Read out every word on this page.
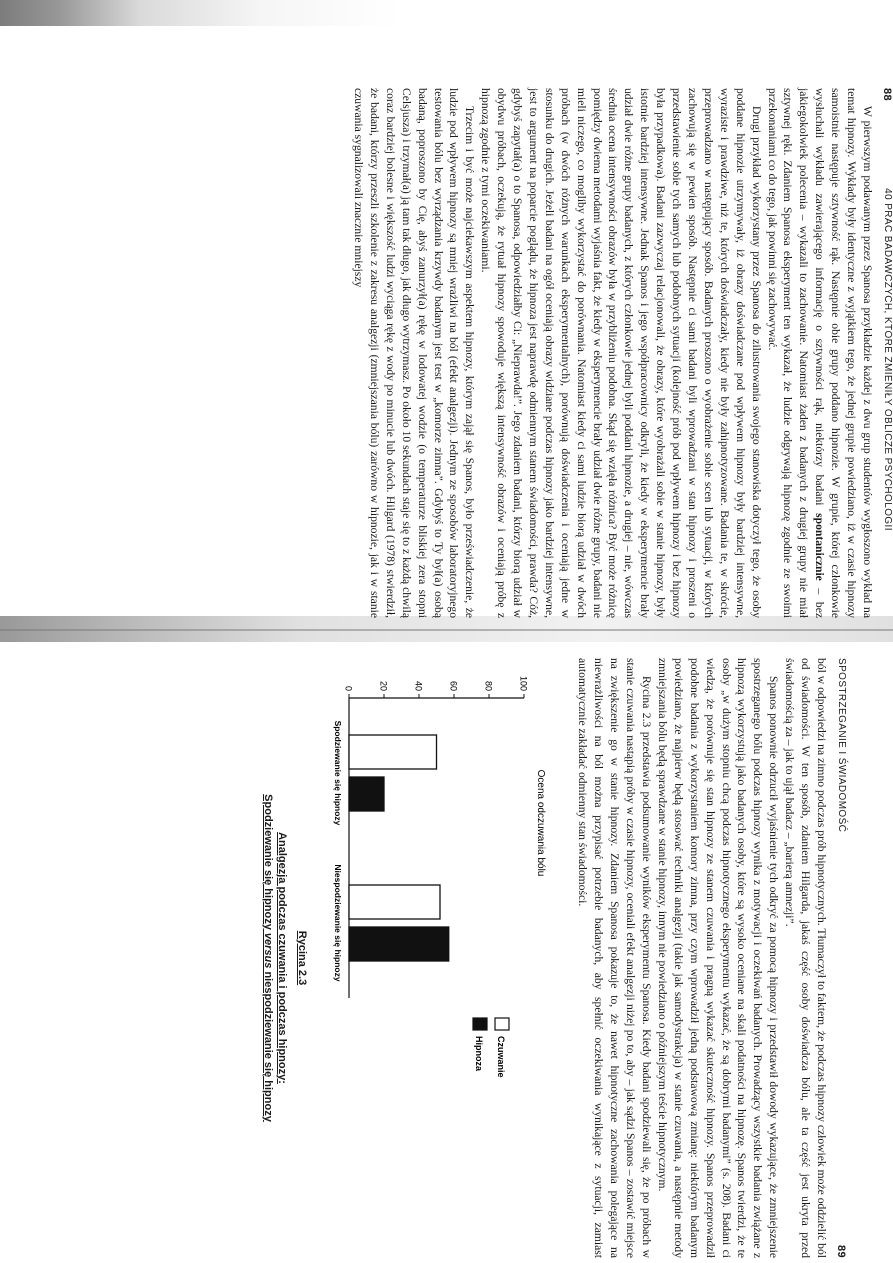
88
40 PRAC BADAWCZYCH, KTÓRE ZMIENIŁY OBLICZE PSYCHOLOGII

W pierwszym podawanym przez Spanosa przykładzie każdej z dwu grup studentów wygłoszono wykład na temat hipnozy. Wykłady były identyczne z wyjątkiem tego, że jednej grupie powiedziano, iż w czasie hipnozy samoistnie następuje sztywność rąk. Następnie obie grupy poddano hipnozie. W grupie, której członkowie wysłuchali wykładu zawierającego informację o sztywności rąk, niektórzy badani spontanicznie – bez jakiegokolwiek polecenia – wykazali to zachowanie. Natomiast żaden z badanych z drugiej grupy nie miał sztywnej ręki. Zdaniem Spanosa eksperyment ten wykazał, że ludzie odgrywają hipnozę zgodnie ze swoimi przekonaniami co do tego, jak powinni się zachowywać.

Drugi przykład wykorzystany przez Spanosa do zilustrowania swojego stanowiska dotyczył tego, że osoby poddane hipnozie utrzymywały, iż obrazy doświadczane pod wpływem hipnozy były bardziej intensywne, wyraziste i prawdziwe, niż te, których doświadczały, kiedy nie były zahipnotyzowane. Badania te, w skrócie, przeprowadzano w następujący sposób. Badanych proszono o wyobrażenie sobie scen lub sytuacji, w których zachowują się w pewien sposób. Następnie ci sami badani byli wprowadzani w stan hipnozy i proszeni o przedstawienie sobie tych samych lub podobnych sytuacji (kolejność prób pod wpływem hipnozy i bez hipnozy była przypadkowa). Badani zazwyczaj relacjonowali, że obrazy, które wyobrażali sobie w stanie hipnozy, były istotnie bardziej intensywne. Jednak Spanos i jego współpracownicy odkryli, że kiedy w eksperymencie brały udział dwie różne grupy badanych, z których członkowie jednej byli poddani hipnozie, a drugiej – nie, wówczas średnia ocena intensywności obrazów była w przybliżeniu podobna. Skąd się wzięła różnica? Być może różnicę pomiędzy dwiema metodami wyjaśnia fakt, że kiedy w eksperymencie brały udział dwie różne grupy, badani nie mieli niczego, co mogliby wykorzystać do porównania. Natomiast kiedy ci sami ludzie biorą udział w dwóch próbach (w dwóch różnych warunkach eksperymentalnych), porównują doświadczenia i oceniają jedne w stosunku do drugich. Jeżeli badani na ogół oceniają obrazy widziane podczas hipnozy jako bardziej intensywne, jest to argument na poparcie poglądu, że hipnoza jest naprawdę odmiennym stanem świadomości, prawda? Cóż, gdybyś zapytał(a) o to Spanosa, odpowiedziałby Ci: „Nieprawda!”. Jego zdaniem badani, którzy biorą udział w obydwu próbach, oczekują, że rytuał hipnozy spowoduje większą intensywność obrazów i oceniają próbę z hipnozą zgodnie z tymi oczekiwaniami.

Trzecim i być może najciekawszym aspektem hipnozy, którym zajął się Spanos, było przeświadczenie, że ludzie pod wpływem hipnozy są mniej wrażliwi na ból (efekt analgezji). Jednym ze sposobów laboratoryjnego testowania bólu bez wyrządzania krzywdy badanym jest test w „komorze zimna”. Gdybyś to Ty był(a) osobą badaną, poproszono by Cię, abyś zanurzył(a) rękę w lodowatej wodzie (o temperaturze bliskiej zera stopni Celsjusza) i trzymał(a) ją tam tak długo, jak długo wytrzymasz. Po około 10 sekundach staje się to z każdą chwilą coraz bardziej bolesne i większość ludzi wyciąga rękę z wody po minucie lub dwóch. Hilgard (1978) stwierdził, że badani, którzy przeszli szkolenie z zakresu analgezji (zmniejszania bólu) zarówno w hipnozie, jak i w stanie czuwania sygnalizowali znacznie mniejszy

SPOSTRZEGANIE I ŚWIADOMOŚĆ
89

ból w odpowiedzi na zimno podczas prób hipnotycznych. Tłumaczył to faktem, że podczas hipnozy człowiek może oddzielić ból od świadomości. W ten sposób, zdaniem Hilgarda, jakaś część osoby doświadcza bólu, ale ta część jest ukryta przed świadomością za – jak to ujął badacz – „barierą amnezji”.

Spanos ponownie odrzucił wyjaśnienie tych odkryć za pomocą hipnozy i przedstawił dowody wykazujące, że zmniejszenie spostrzeganego bólu podczas hipnozy wynika z motywacji i oczekiwań badanych. Prowadzący wszystkie badania zwiążane z hipnozą wykorzystują jako badanych osoby, które są wysoko oceniane na skali podatności na hipnozę. Spanos twierdzi, że te osoby „w dużym stopniu chcą podczas hipnotycznego eksperymentu wykazać, że są dobrymi badanymi” (s. 208). Badani ci wiedzą, że porównuje się stan hipnozy ze stanem czuwania i pragną wykazać skuteczność hipnozy. Spanos przeprowadził podobne badania z wykorzystaniem komory zimna, przy czym wprowadził jedną podstawową zmianę: niektórym badanym powiedziano, że najpierw będą stosować techniki analgezji (takie jak samodystrakcja) w stanie czuwania, a następnie metody zmniejszania bólu będą sprawdzane w stanie hipnozy, innym nie powiedziano o późniejszym teście hipnotycznym.

Rycina 2.3 przedstawia podsumowanie wyników eksperymentu Spanosa. Kiedy badani spodziewali się, że po próbach w stanie czuwania nastąpią próby w czasie hipnozy, oceniali efekt analgezji niżej po to, aby – jak sądzi Spanos – zostawić miejsce na zwiększenie go w stanie hipnozy. Zdaniem Spanosa pokazuje to, że nawet hipnotyczne zachowania polegające na niewrażliwości na ból można przypisać potrzebie badanych, aby spełnić oczekiwania wynikające z sytuacji, zamiast automatycznie zakładać odmienny stan świadomości.

Ocena odczuwania bólu
0	20	40	60	80	100
Czuwanie
Hipnoza
Spodziewanie się hipnozy
Niespodziewanie się hipnozy
Rycina 2.3
Analgezja podczas czuwania i podczas hipnozy:
Spodziewanie się hipnozy versus niespodziewanie się hipnozy
